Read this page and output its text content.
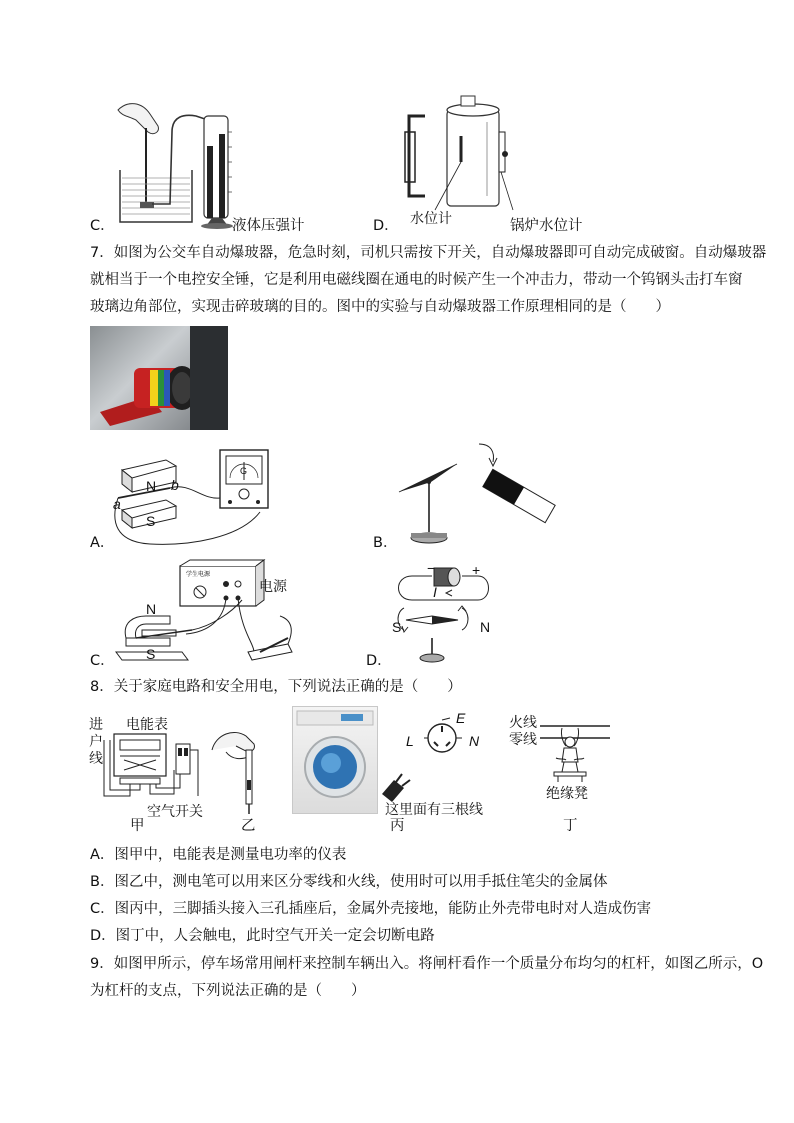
C．	液体压强计	D． 水位计	锅炉水位计
7．如图为公交车自动爆玻器，危急时刻，司机只需按下开关，自动爆玻器即可自动完成破窗。自动爆玻器
就相当于一个电控安全锤，它是利用电磁线圈在通电的时候产生一个冲击力，带动一个钨钢头击打车窗
玻璃边角部位，实现击碎玻璃的目的。图中的实验与自动爆玻器工作原理相同的是（　　）
N
S
a
b
G
A．	B．
学生电源
电源
N
S
C．
−	+
I
S	N
D．
8．关于家庭电路和安全用电，下列说法正确的是（　　）
进
户
线
电能表
空气开关
甲	乙
E
L	N
这里面有三根线
丙
火线
零线
绝缘凳
丁
A．图甲中，电能表是测量电功率的仪表
B．图乙中，测电笔可以用来区分零线和火线，使用时可以用手抵住笔尖的金属体
C．图丙中，三脚插头接入三孔插座后，金属外壳接地，能防止外壳带电时对人造成伤害
D．图丁中，人会触电，此时空气开关一定会切断电路
9．如图甲所示，停车场常用闸杆来控制车辆出入。将闸杆看作一个质量分布均匀的杠杆，如图乙所示，O
为杠杆的支点，下列说法正确的是（　　）
